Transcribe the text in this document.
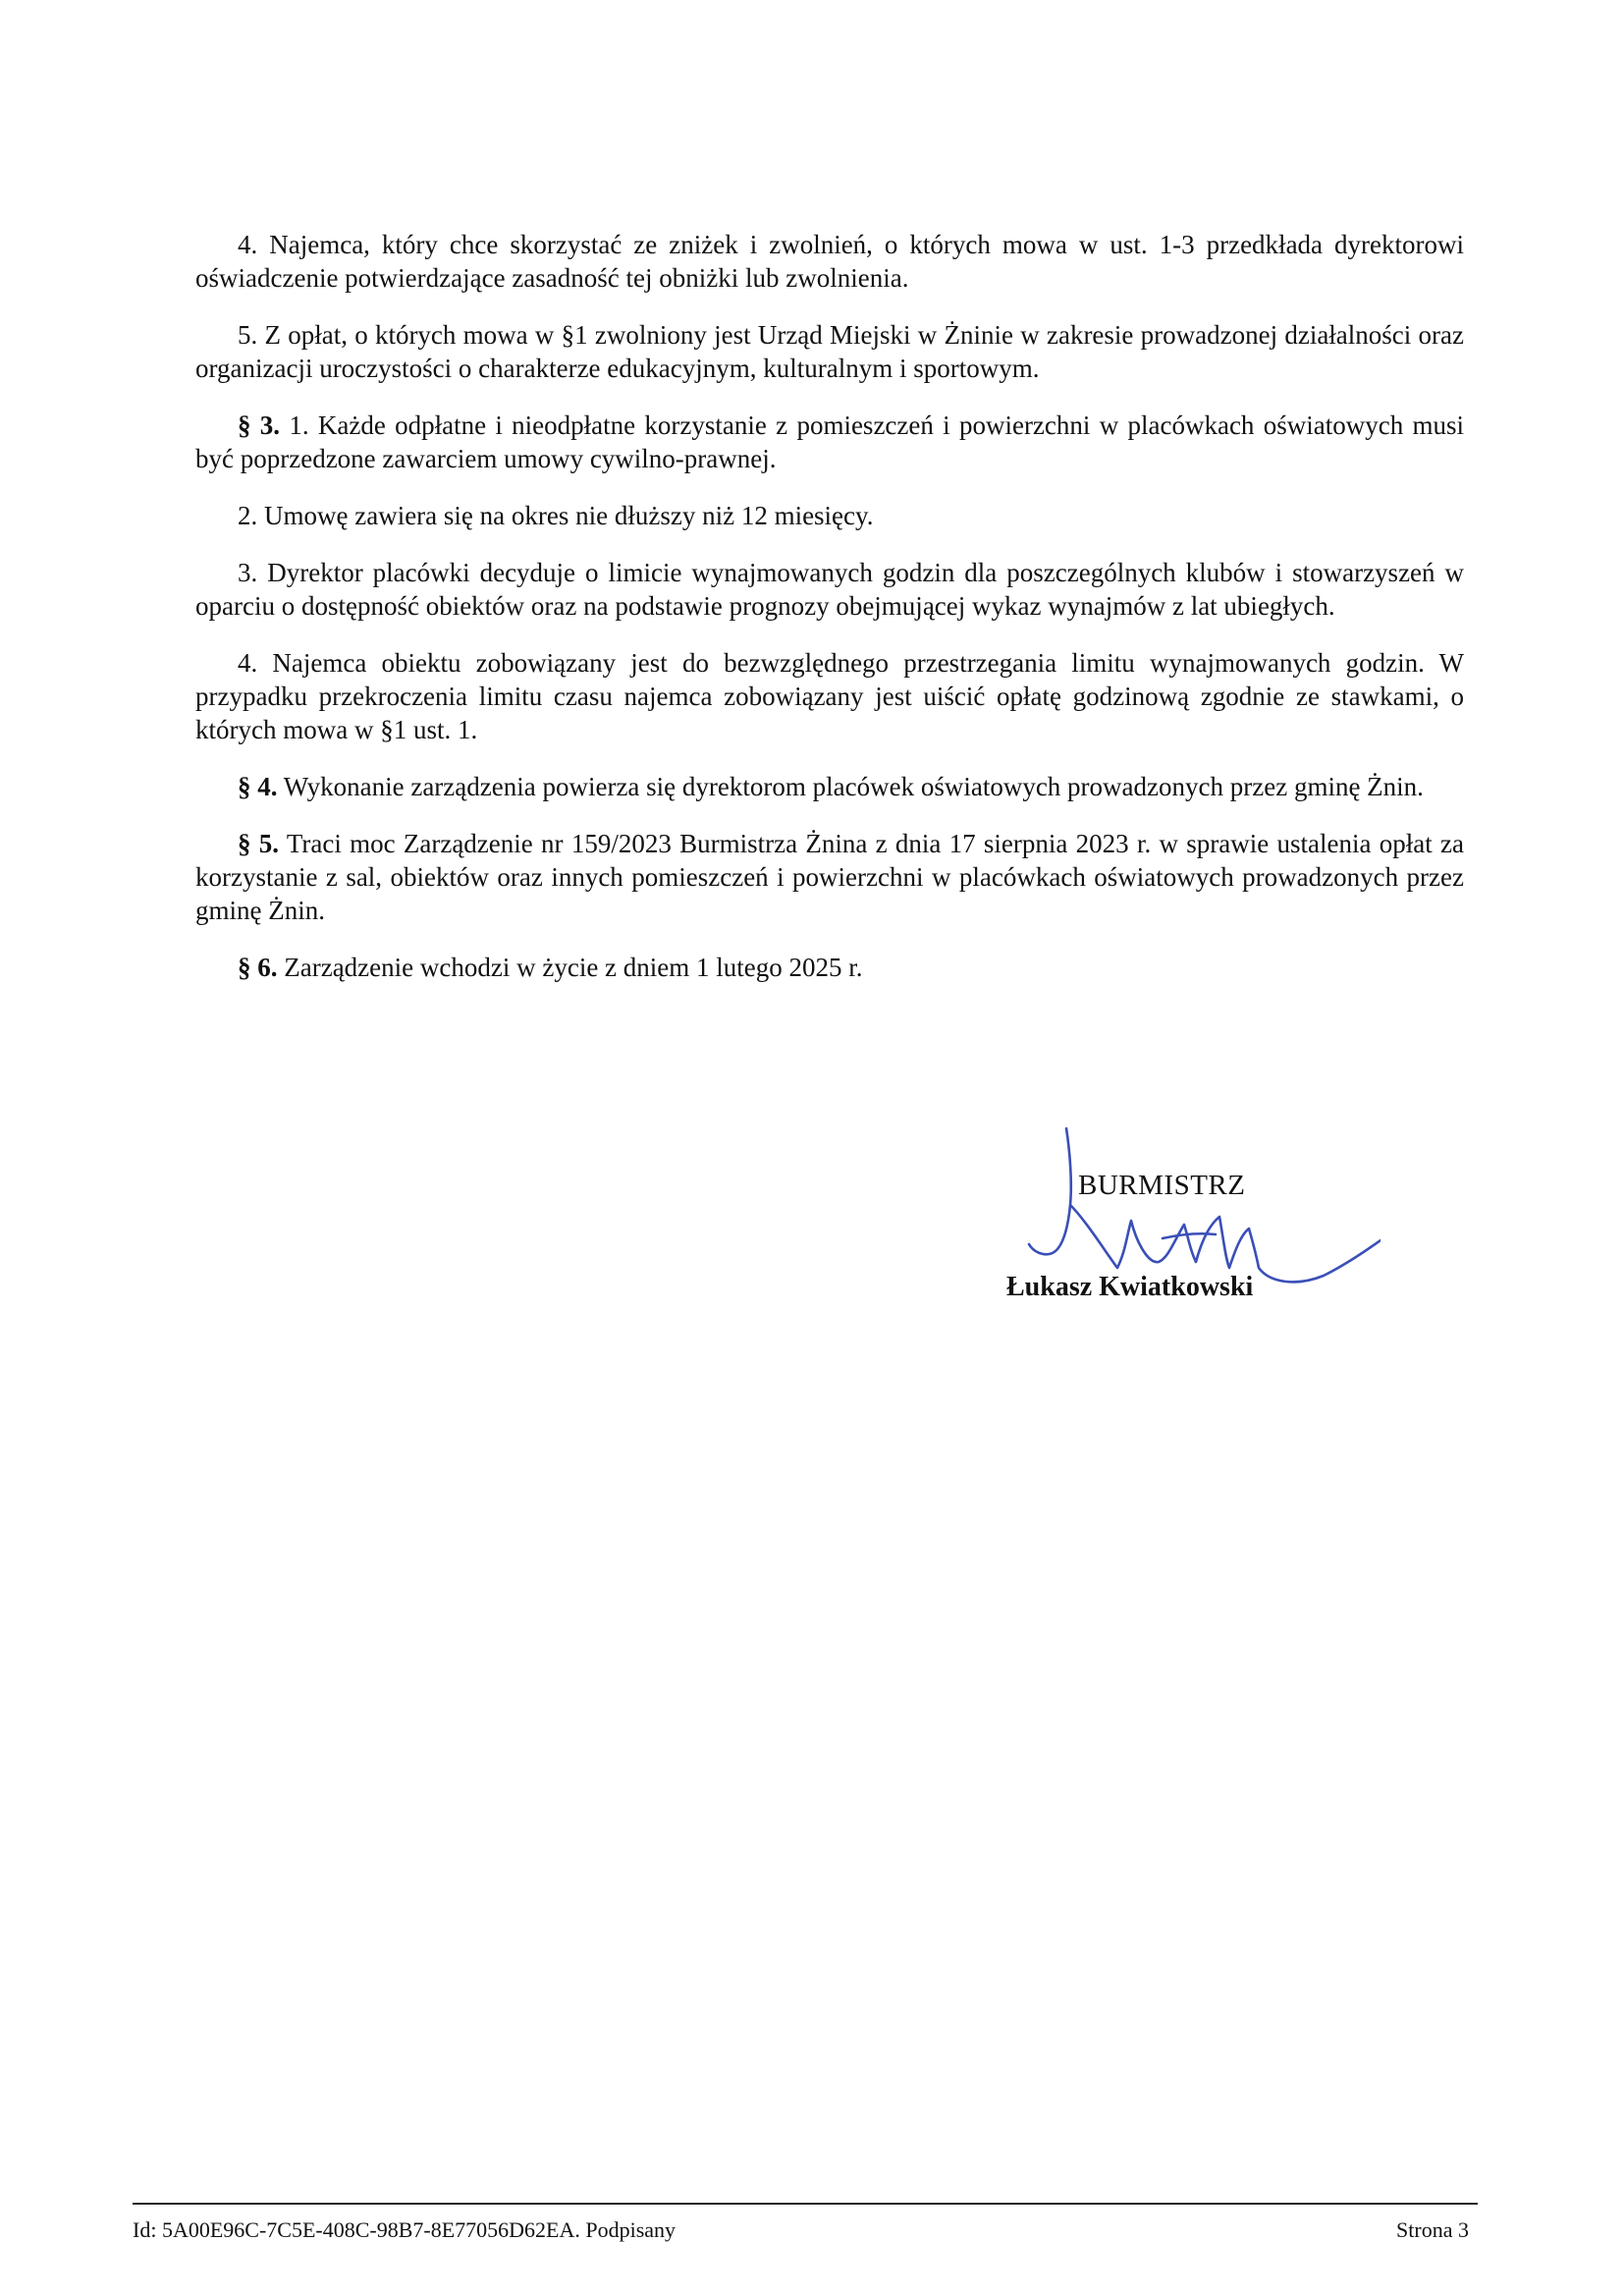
4. Najemca, który chce skorzystać ze zniżek i zwolnień, o których mowa w ust. 1-3 przedkłada dyrektorowi oświadczenie potwierdzające zasadność tej obniżki lub zwolnienia.

5. Z opłat, o których mowa w §1 zwolniony jest Urząd Miejski w Żninie w zakresie prowadzonej działalności oraz organizacji uroczystości o charakterze edukacyjnym, kulturalnym i sportowym.

§ 3. 1. Każde odpłatne i nieodpłatne korzystanie z pomieszczeń i powierzchni w placówkach oświatowych musi być poprzedzone zawarciem umowy cywilno-prawnej.

2. Umowę zawiera się na okres nie dłuższy niż 12 miesięcy.

3. Dyrektor placówki decyduje o limicie wynajmowanych godzin dla poszczególnych klubów i stowarzyszeń w oparciu o dostępność obiektów oraz na podstawie prognozy obejmującej wykaz wynajmów z lat ubiegłych.

4. Najemca obiektu zobowiązany jest do bezwzględnego przestrzegania limitu wynajmowanych godzin. W przypadku przekroczenia limitu czasu najemca zobowiązany jest uiścić opłatę godzinową zgodnie ze stawkami, o których mowa w §1 ust. 1.

§ 4. Wykonanie zarządzenia powierza się dyrektorom placówek oświatowych prowadzonych przez gminę Żnin.

§ 5. Traci moc Zarządzenie nr 159/2023 Burmistrza Żnina z dnia 17 sierpnia 2023 r. w sprawie ustalenia opłat za korzystanie z sal, obiektów oraz innych pomieszczeń i powierzchni w placówkach oświatowych prowadzonych przez gminę Żnin.

§ 6. Zarządzenie wchodzi w życie z dniem 1 lutego 2025 r.

BURMISTRZ
Łukasz Kwiatkowski
Id: 5A00E96C-7C5E-408C-98B7-8E77056D62EA. Podpisany	Strona 3
